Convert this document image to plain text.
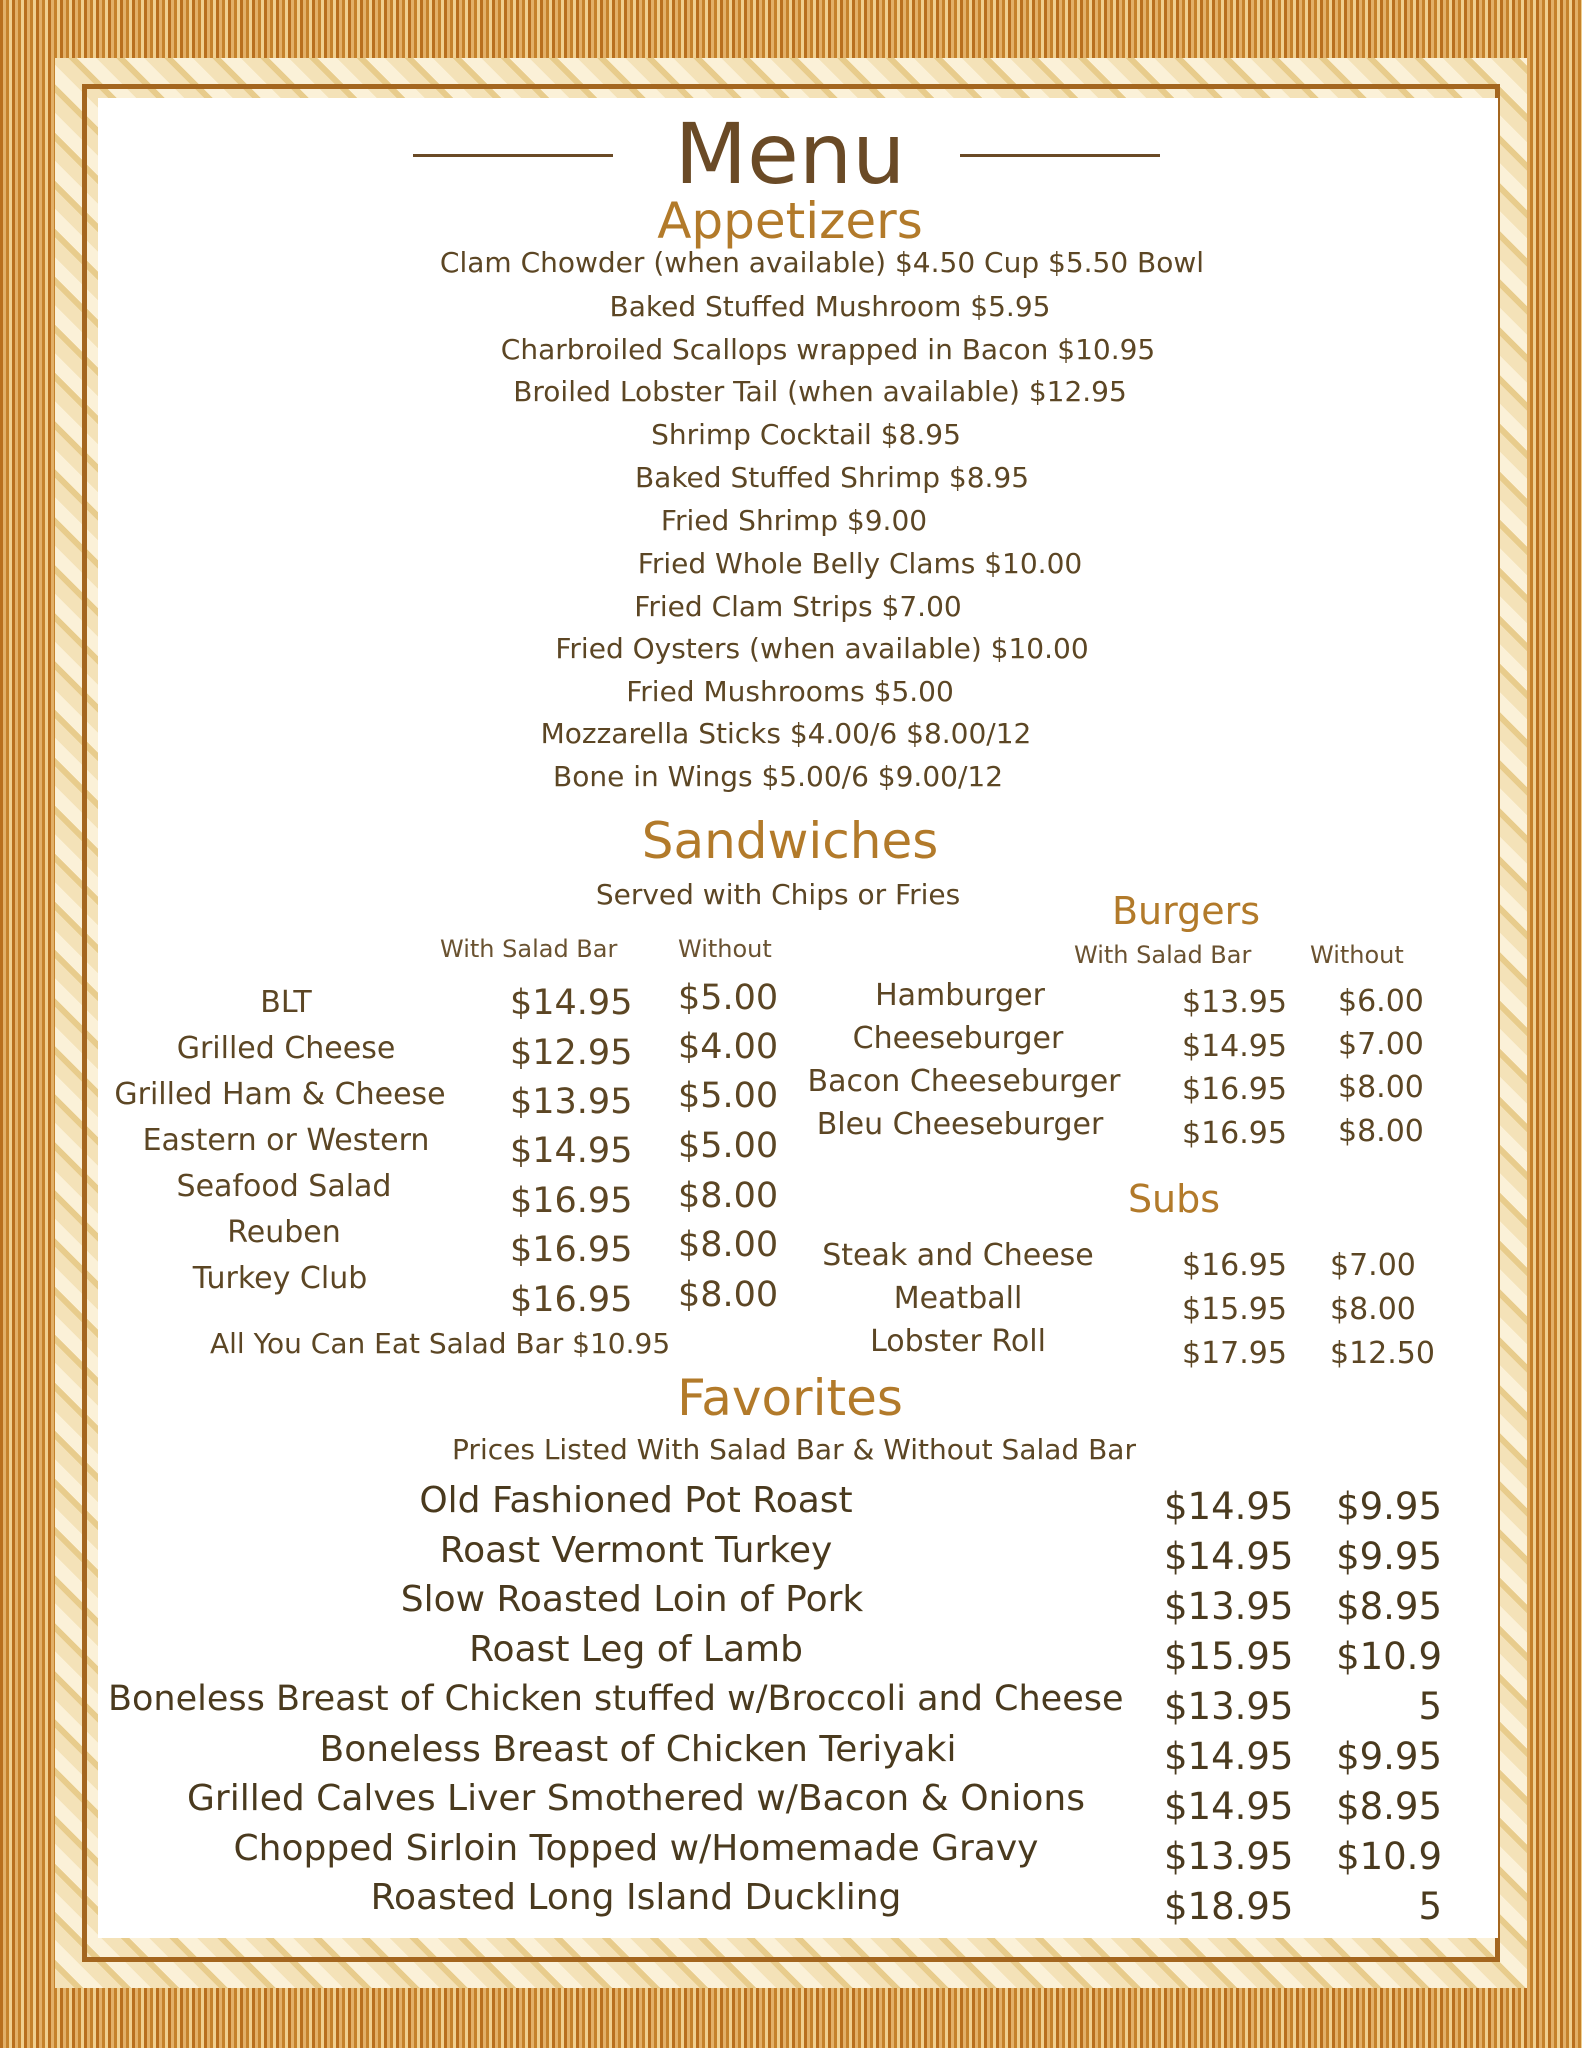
Menu
Appetizers
Clam Chowder (when available) $4.50 Cup $5.50 Bowl
Baked Stuffed Mushroom $5.95
Charbroiled Scallops wrapped in Bacon $10.95
Broiled Lobster Tail (when available) $12.95
Shrimp Cocktail $8.95
Baked Stuffed Shrimp $8.95
Fried Shrimp $9.00
Fried Whole Belly Clams $10.00
Fried Clam Strips $7.00
Fried Oysters (when available) $10.00
Fried Mushrooms $5.00
Mozzarella Sticks $4.00/6 $8.00/12
Bone in Wings $5.00/6 $9.00/12
Sandwiches
Served with Chips or Fries
With Salad Bar	Without
BLT
Grilled Cheese
Grilled Ham & Cheese
Eastern or Western
Seafood Salad
Reuben
Turkey Club
$14.95
$12.95
$13.95
$14.95
$16.95
$16.95
$16.95
$5.00
$4.00
$5.00
$5.00
$8.00
$8.00
$8.00
All You Can Eat Salad Bar $10.95
Burgers
With Salad Bar Without
Hamburger
Cheeseburger
Bacon Cheeseburger
Bleu Cheeseburger
$13.95
$14.95
$16.95
$16.95
$6.00
$7.00
$8.00
$8.00
Subs
Steak and Cheese
Meatball
Lobster Roll
$16.95
$15.95
$17.95
$7.00
$8.00
$12.50
Favorites
Prices Listed With Salad Bar & Without Salad Bar
Old Fashioned Pot Roast
Roast Vermont Turkey
Slow Roasted Loin of Pork
Roast Leg of Lamb
Boneless Breast of Chicken stuffed w/Broccoli and Cheese
Boneless Breast of Chicken Teriyaki
Grilled Calves Liver Smothered w/Bacon & Onions
Chopped Sirloin Topped w/Homemade Gravy
Roasted Long Island Duckling
$14.95
$14.95
$13.95
$15.95
$13.95
$14.95
$14.95
$13.95
$18.95
$9.95
$9.95
$8.95
$10.9
5
$9.95
$8.95
$10.9
5
